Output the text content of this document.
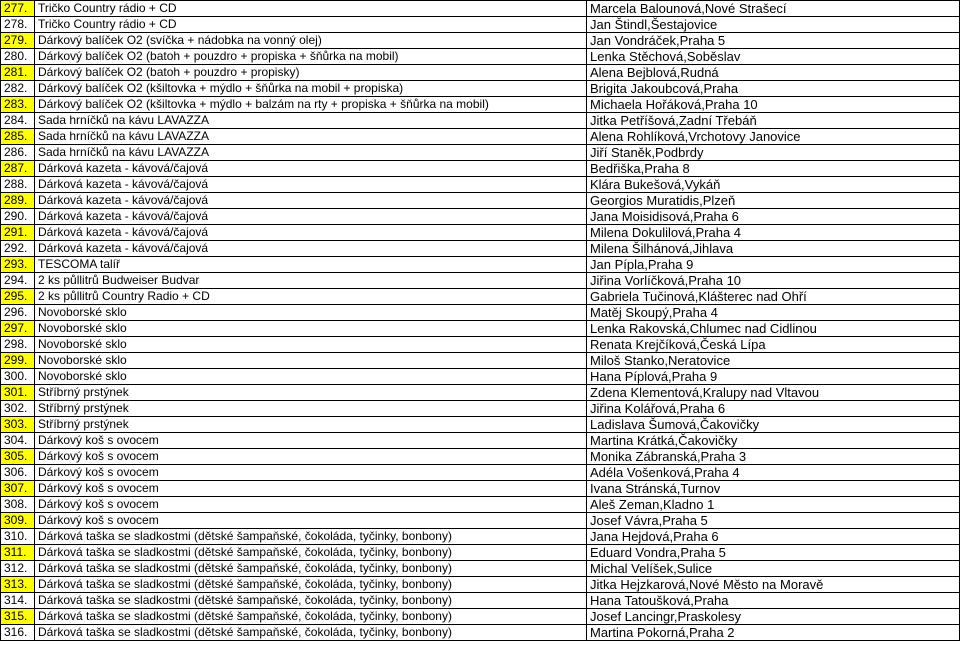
277.	Tričko Country rádio + CD	Marcela Balounová,Nové Strašecí
278.	Tričko Country rádio + CD	Jan Štindl,Šestajovice
279.	Dárkový balíček O2 (svíčka + nádobka na vonný olej)	Jan Vondráček,Praha 5
280.	Dárkový balíček O2 (batoh + pouzdro + propiska + šňůrka na mobil)	Lenka Stěchová,Soběslav
281.	Dárkový balíček O2 (batoh + pouzdro + propisky)	Alena Bejblová,Rudná
282.	Dárkový balíček O2 (kšiltovka + mýdlo + šňůrka na mobil + propiska)	Brigita Jakoubcová,Praha
283.	Dárkový balíček O2 (kšiltovka + mýdlo + balzám na rty + propiska + šňůrka na mobil)	Michaela Hořáková,Praha 10
284.	Sada hrníčků na kávu LAVAZZA	Jitka Petříšová,Zadní Třebáň
285.	Sada hrníčků na kávu LAVAZZA	Alena Rohlíková,Vrchotovy Janovice
286.	Sada hrníčků na kávu LAVAZZA	Jiří Staněk,Podbrdy
287.	Dárková kazeta - kávová/čajová	Bedřiška,Praha 8
288.	Dárková kazeta - kávová/čajová	Klára Bukešová,Vykáň
289.	Dárková kazeta - kávová/čajová	Georgios Muratidis,Plzeň
290.	Dárková kazeta - kávová/čajová	Jana Moisidisová,Praha 6
291.	Dárková kazeta - kávová/čajová	Milena Dokulilová,Praha 4
292.	Dárková kazeta - kávová/čajová	Milena Šilhánová,Jihlava
293.	TESCOMA talíř	Jan Pípla,Praha 9
294.	2 ks půllitrů Budweiser Budvar	Jiřina Vorlíčková,Praha 10
295.	2 ks půllitrů Country Radio + CD	Gabriela Tučinová,Klášterec nad Ohří
296.	Novoborské sklo	Matěj Skoupý,Praha 4
297.	Novoborské sklo	Lenka Rakovská,Chlumec nad Cidlinou
298.	Novoborské sklo	Renata Krejčíková,Česká Lípa
299.	Novoborské sklo	Miloš Stanko,Neratovice
300.	Novoborské sklo	Hana Píplová,Praha 9
301.	Stříbrný prstýnek	Zdena Klementová,Kralupy nad Vltavou
302.	Stříbrný prstýnek	Jiřina Kolářová,Praha 6
303.	Stříbrný prstýnek	Ladislava Šumová,Čakovičky
304.	Dárkový koš s ovocem	Martina Krátká,Čakovičky
305.	Dárkový koš s ovocem	Monika Zábranská,Praha 3
306.	Dárkový koš s ovocem	Adéla Vošenková,Praha 4
307.	Dárkový koš s ovocem	Ivana Stránská,Turnov
308.	Dárkový koš s ovocem	Aleš Zeman,Kladno 1
309.	Dárkový koš s ovocem	Josef Vávra,Praha 5
310.	Dárková taška se sladkostmi (dětské šampaňské, čokoláda, tyčinky, bonbony)	Jana Hejdová,Praha 6
311.	Dárková taška se sladkostmi (dětské šampaňské, čokoláda, tyčinky, bonbony)	Eduard Vondra,Praha 5
312.	Dárková taška se sladkostmi (dětské šampaňské, čokoláda, tyčinky, bonbony)	Michal Velíšek,Sulice
313.	Dárková taška se sladkostmi (dětské šampaňské, čokoláda, tyčinky, bonbony)	Jitka Hejzkarová,Nové Město na Moravě
314.	Dárková taška se sladkostmi (dětské šampaňské, čokoláda, tyčinky, bonbony)	Hana Tatoušková,Praha
315.	Dárková taška se sladkostmi (dětské šampaňské, čokoláda, tyčinky, bonbony)	Josef Lancingr,Praskolesy
316.	Dárková taška se sladkostmi (dětské šampaňské, čokoláda, tyčinky, bonbony)	Martina Pokorná,Praha 2
